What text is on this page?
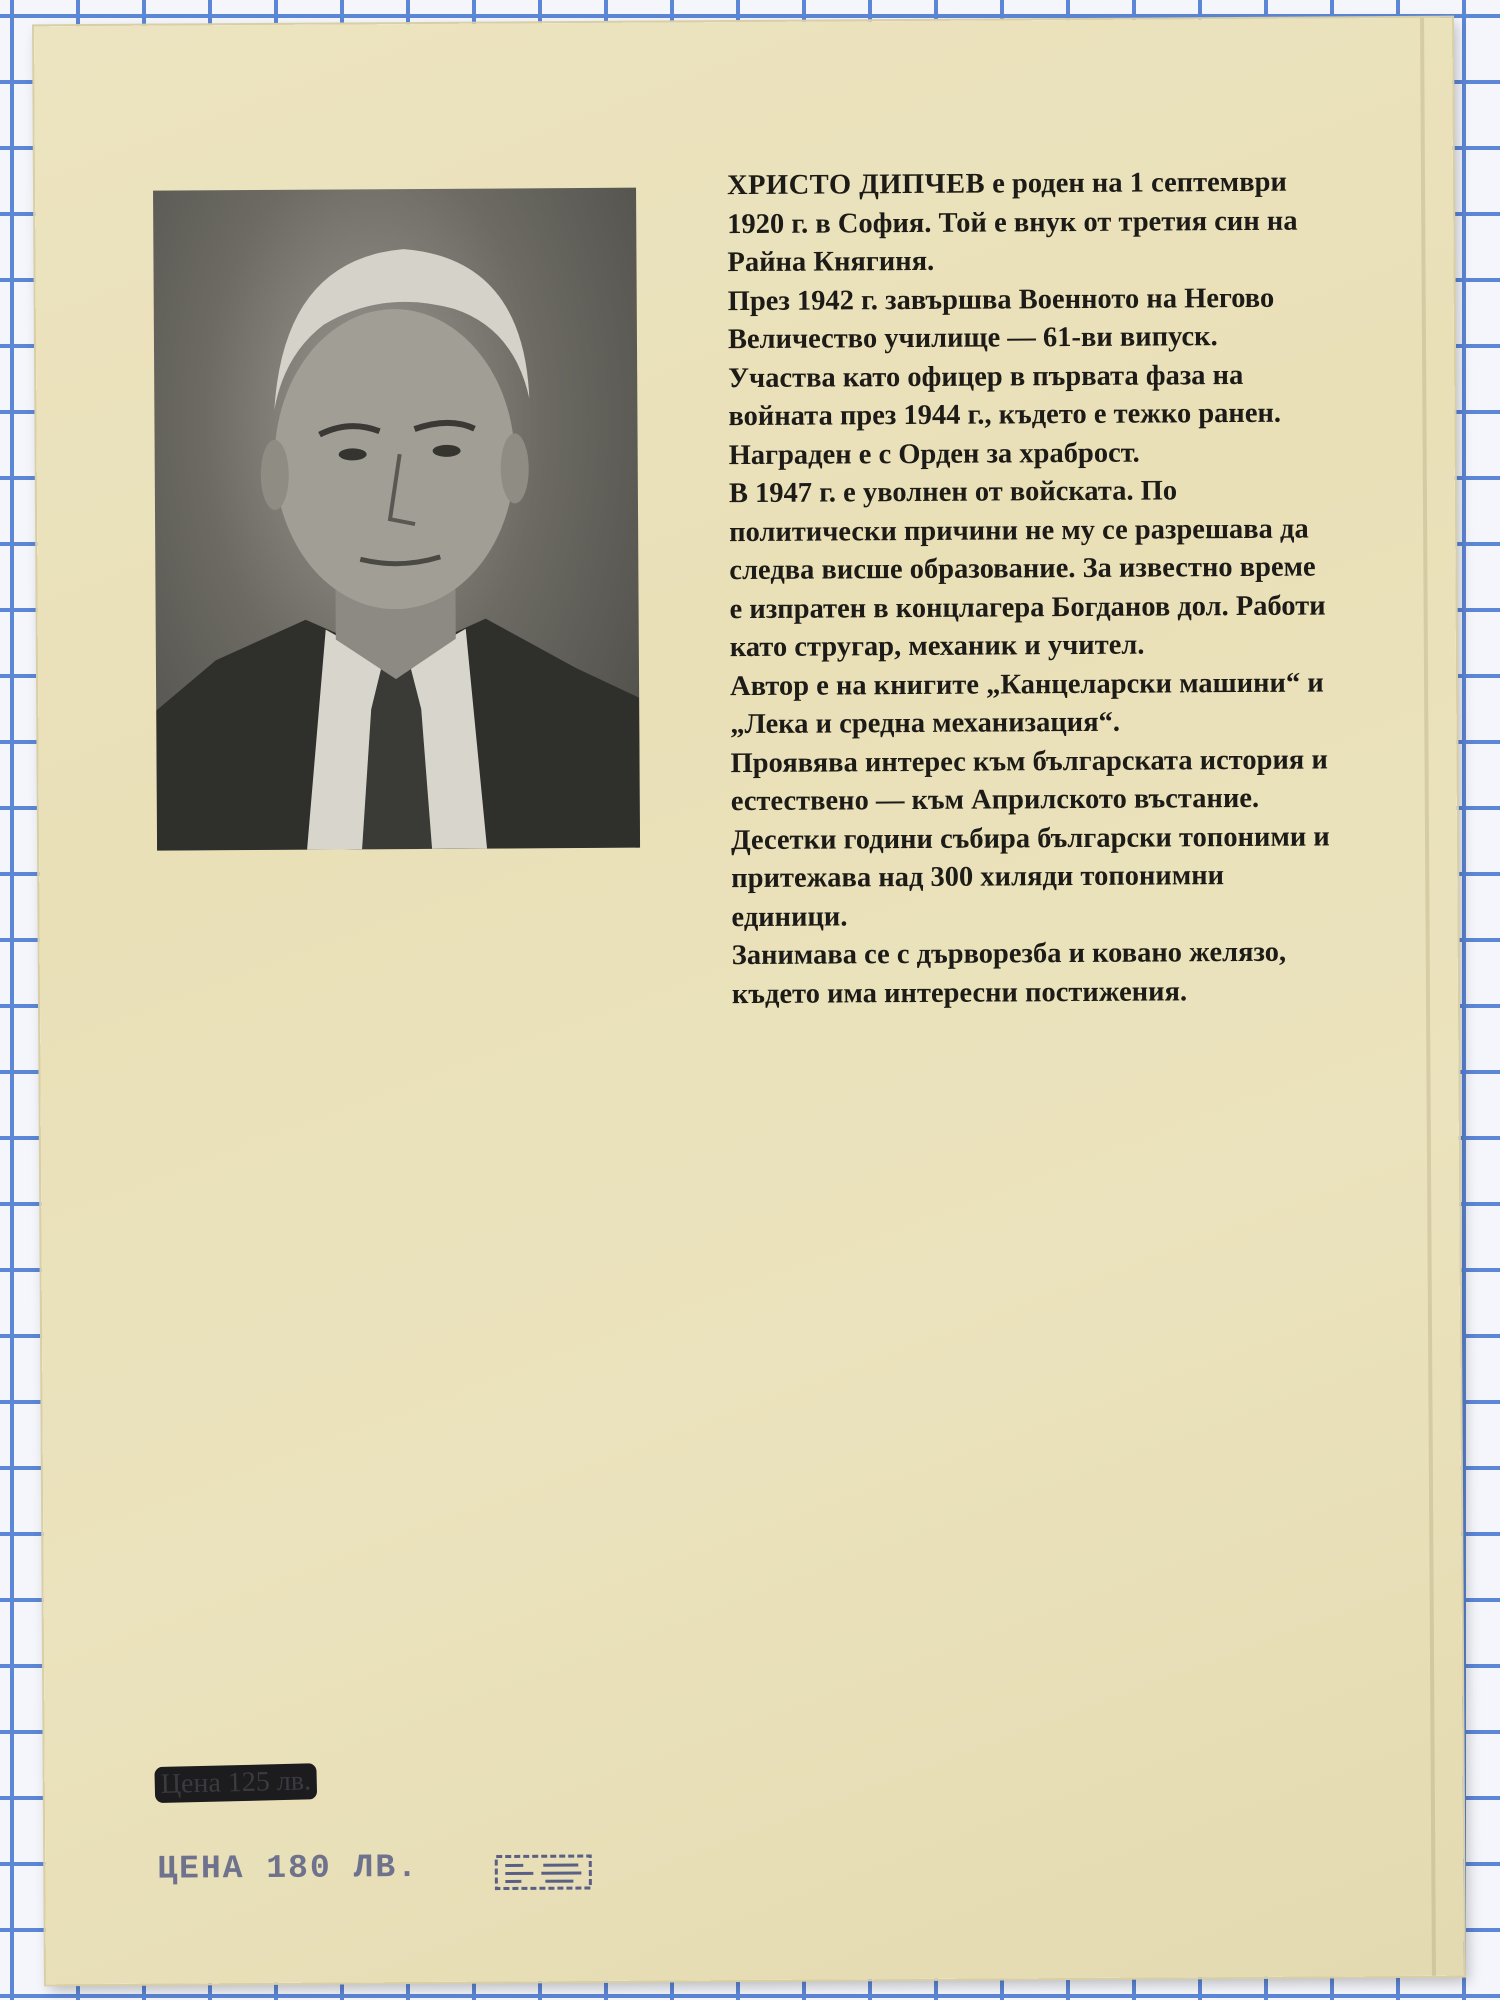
ХРИСТО ДИПЧЕВ е роден на 1 септември 1920 г. в София. Той е внук от третия син на Райна Княгиня.

През 1942 г. завършва Военното на Негово Величество училище — 61-ви випуск. Участва като офицер в първата фаза на войната през 1944 г., където е тежко ранен. Награден е с Орден за храброст.

В 1947 г. е уволнен от войската. По политически причини не му се разрешава да следва висше образование. За известно време е изпратен в концлагера Богданов дол. Работи като стругар, механик и учител.

Автор е на книгите „Канцеларски машини“ и „Лека и средна механизация“.

Проявява интерес към българската история и естествено — към Априлското въстание. Десетки години събира български топоними и притежава над 300 хиляди топонимни единици.

Занимава се с дърворезба и ковано желязо, където има интересни постижения.

Цена 125 лв.
ЦЕНА 180 ЛВ.
